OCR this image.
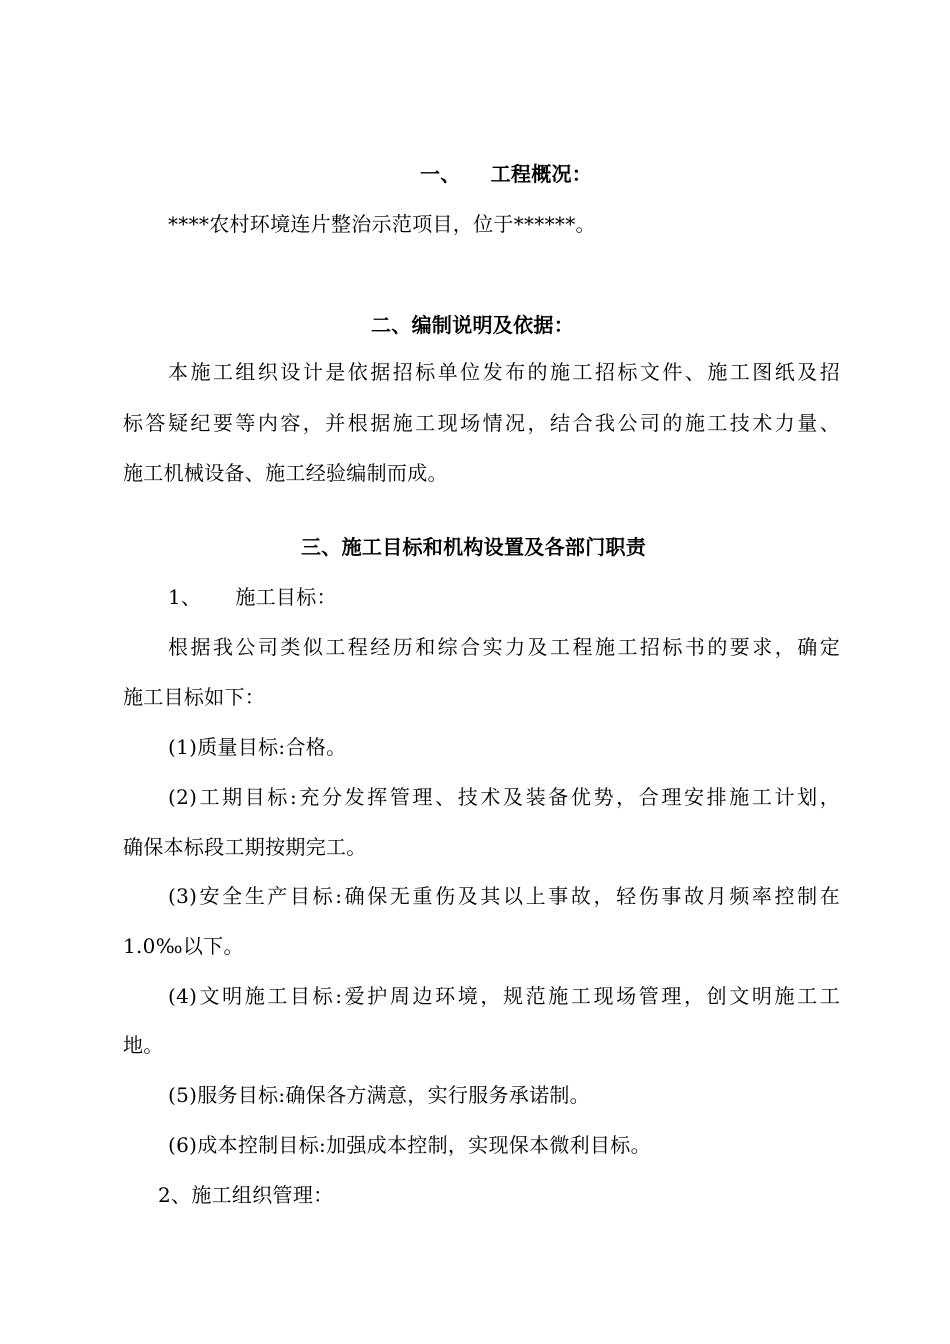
一、 工程概况：
****农村环境连片整治示范项目，位于******。
二、编制说明及依据：
本施工组织设计是依据招标单位发布的施工招标文件、施工图纸及招
标答疑纪要等内容，并根据施工现场情况，结合我公司的施工技术力量、
施工机械设备、施工经验编制而成。
三、施工目标和机构设置及各部门职责
1、 施工目标：
根据我公司类似工程经历和综合实力及工程施工招标书的要求，确定
施工目标如下：
(1)质量目标:合格。
(2)工期目标:充分发挥管理、技术及装备优势，合理安排施工计划，
确保本标段工期按期完工。
(3)安全生产目标:确保无重伤及其以上事故，轻伤事故月频率控制在
1.0‰以下。
(4)文明施工目标:爱护周边环境，规范施工现场管理，创文明施工工
地。
(5)服务目标:确保各方满意，实行服务承诺制。
(6)成本控制目标:加强成本控制，实现保本微利目标。
2、施工组织管理：
